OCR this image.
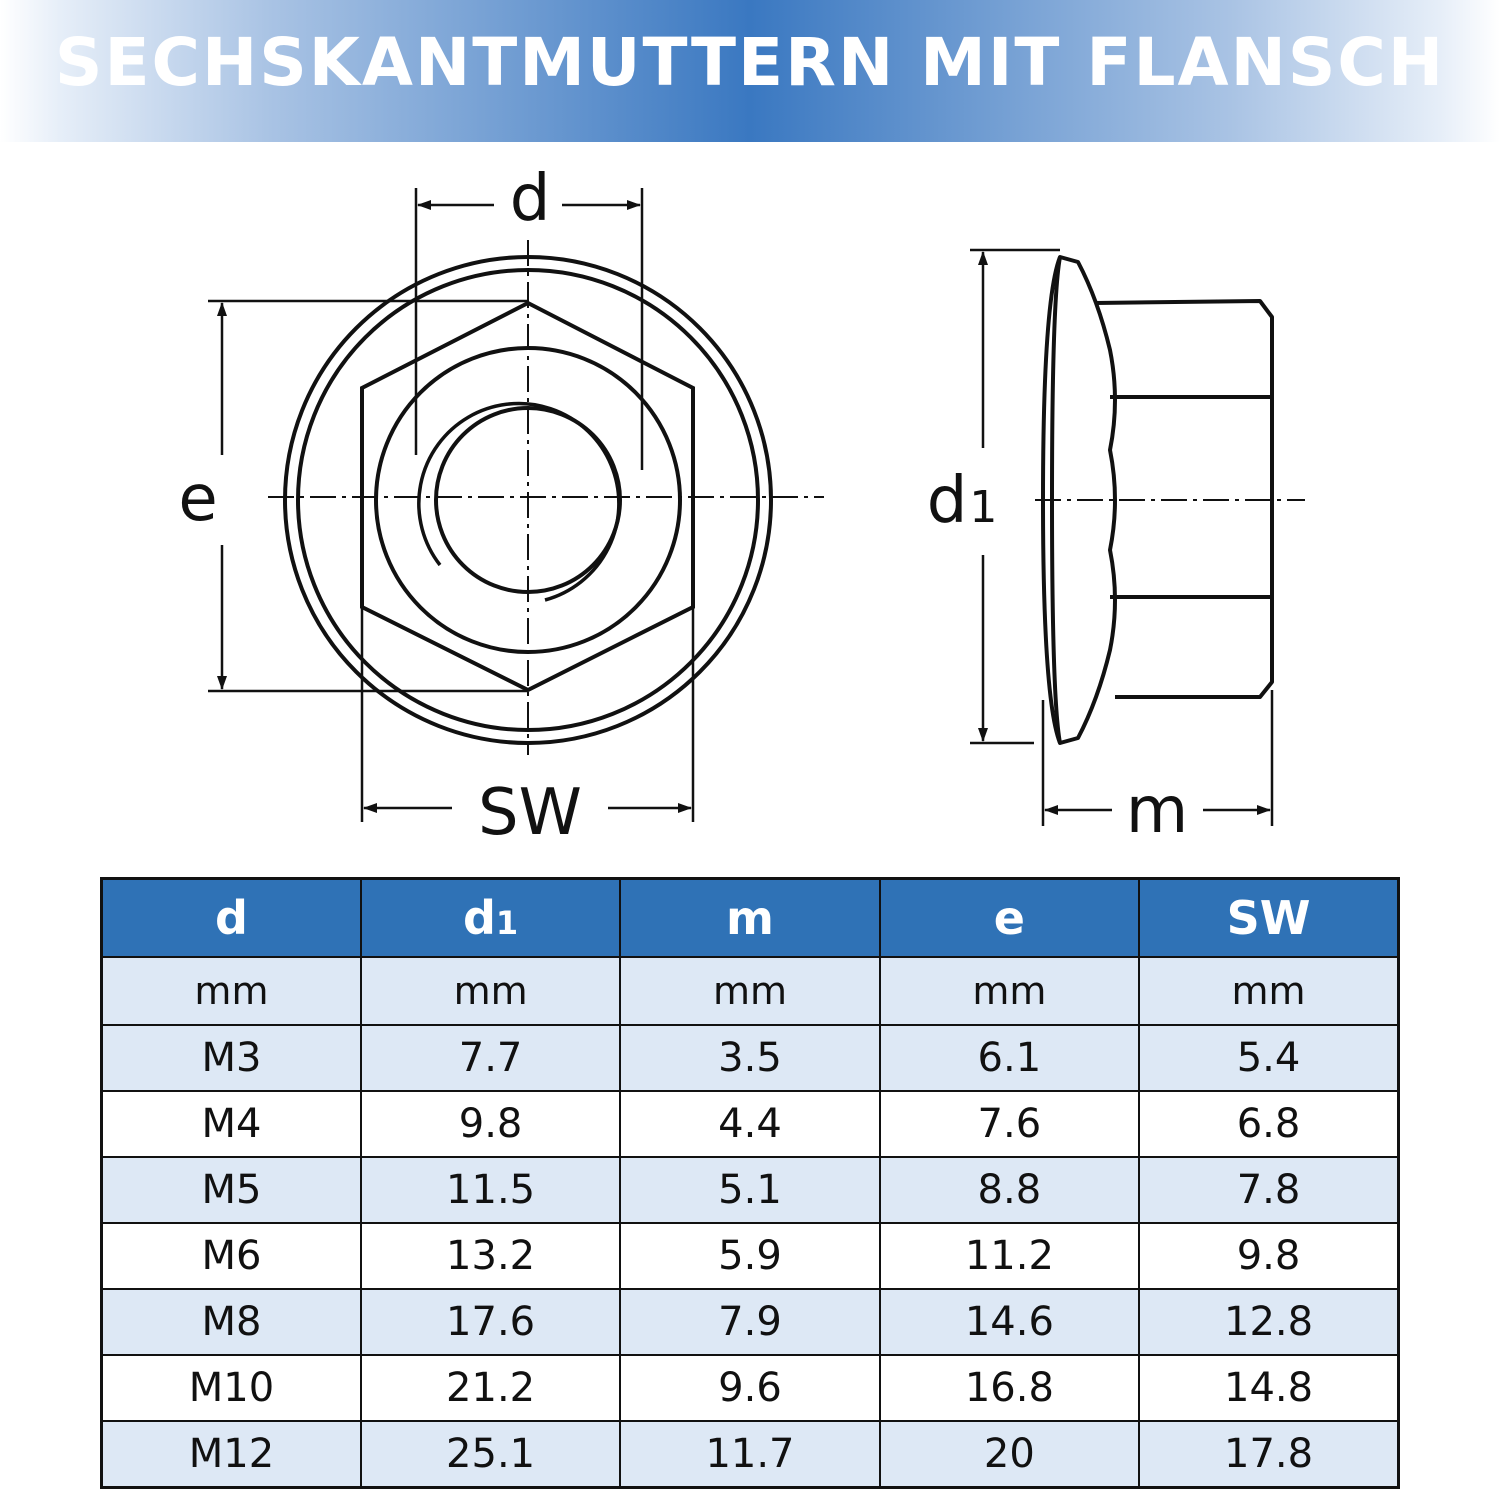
SECHSKANTMUTTERN MIT FLANSCH
d
e
SW
d1
m
d	d1	m	e	SW
mm	mm	mm	mm	mm
M3	7.7	3.5	6.1	5.4
M4	9.8	4.4	7.6	6.8
M5	11.5	5.1	8.8	7.8
M6	13.2	5.9	11.2	9.8
M8	17.6	7.9	14.6	12.8
M10	21.2	9.6	16.8	14.8
M12	25.1	11.7	20	17.8
